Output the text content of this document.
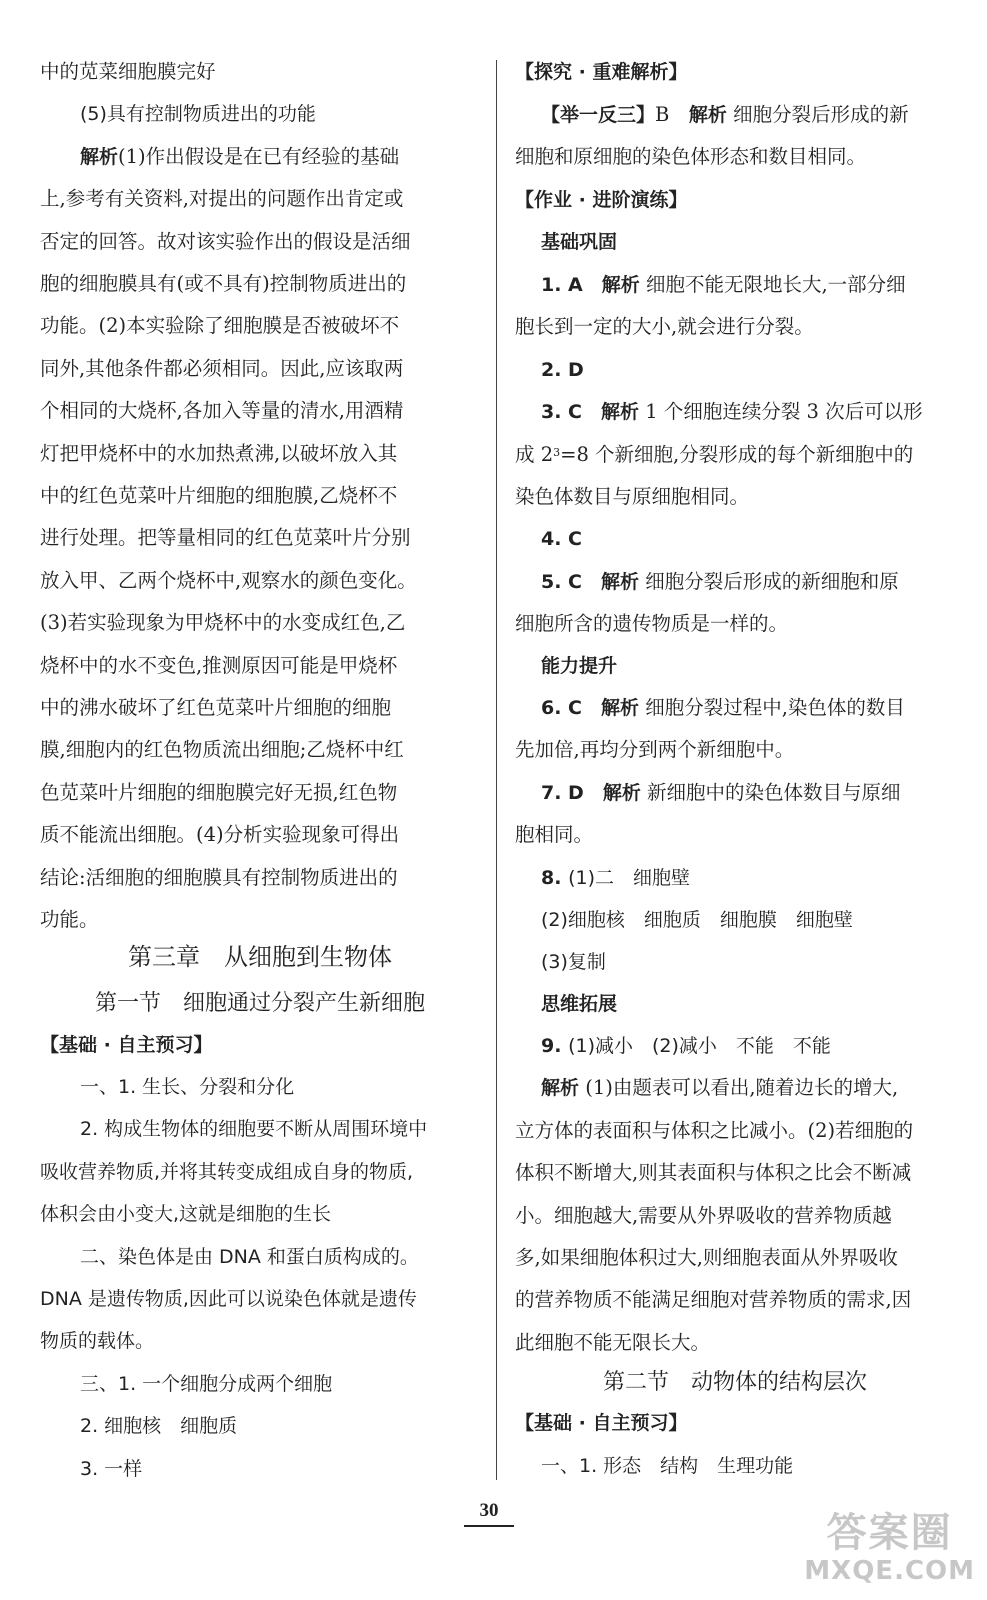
中的苋菜细胞膜完好
(5)具有控制物质进出的功能
解析(1)作出假设是在已有经验的基础
上,参考有关资料,对提出的问题作出肯定或
否定的回答。故对该实验作出的假设是活细
胞的细胞膜具有(或不具有)控制物质进出的
功能。(2)本实验除了细胞膜是否被破坏不
同外,其他条件都必须相同。因此,应该取两
个相同的大烧杯,各加入等量的清水,用酒精
灯把甲烧杯中的水加热煮沸,以破坏放入其
中的红色苋菜叶片细胞的细胞膜,乙烧杯不
进行处理。把等量相同的红色苋菜叶片分别
放入甲、乙两个烧杯中,观察水的颜色变化。
(3)若实验现象为甲烧杯中的水变成红色,乙
烧杯中的水不变色,推测原因可能是甲烧杯
中的沸水破坏了红色苋菜叶片细胞的细胞
膜,细胞内的红色物质流出细胞;乙烧杯中红
色苋菜叶片细胞的细胞膜完好无损,红色物
质不能流出细胞。(4)分析实验现象可得出
结论:活细胞的细胞膜具有控制物质进出的
功能。
第三章　从细胞到生物体
第一节　细胞通过分裂产生新细胞
【基础 · 自主预习】
一、1. 生长、分裂和分化
2. 构成生物体的细胞要不断从周围环境中
吸收营养物质,并将其转变成组成自身的物质,
体积会由小变大,这就是细胞的生长
二、染色体是由 DNA 和蛋白质构成的。
DNA 是遗传物质,因此可以说染色体就是遗传
物质的载体。
三、1. 一个细胞分成两个细胞
2. 细胞核　细胞质
3. 一样
【探究 · 重难解析】
【举一反三】B　解析 细胞分裂后形成的新
细胞和原细胞的染色体形态和数目相同。
【作业 · 进阶演练】
基础巩固
1. A　解析 细胞不能无限地长大,一部分细
胞长到一定的大小,就会进行分裂。
2. D
3. C　解析 1 个细胞连续分裂 3 次后可以形
成 $2^3=8$ 个新细胞,分裂形成的每个新细胞中的
染色体数目与原细胞相同。
4. C
5. C　解析 细胞分裂后形成的新细胞和原
细胞所含的遗传物质是一样的。
能力提升
6. C　解析 细胞分裂过程中,染色体的数目
先加倍,再均分到两个新细胞中。
7. D　解析 新细胞中的染色体数目与原细
胞相同。
8. (1)二　细胞壁
(2)细胞核　细胞质　细胞膜　细胞壁
(3)复制
思维拓展
9. (1)减小　(2)减小　不能　不能
解析 (1)由题表可以看出,随着边长的增大,
立方体的表面积与体积之比减小。(2)若细胞的
体积不断增大,则其表面积与体积之比会不断减
小。细胞越大,需要从外界吸收的营养物质越
多,如果细胞体积过大,则细胞表面从外界吸收
的营养物质不能满足细胞对营养物质的需求,因
此细胞不能无限长大。
第二节　动物体的结构层次
【基础 · 自主预习】
一、1. 形态　结构　生理功能
30	答案圈
MXQE.COM
